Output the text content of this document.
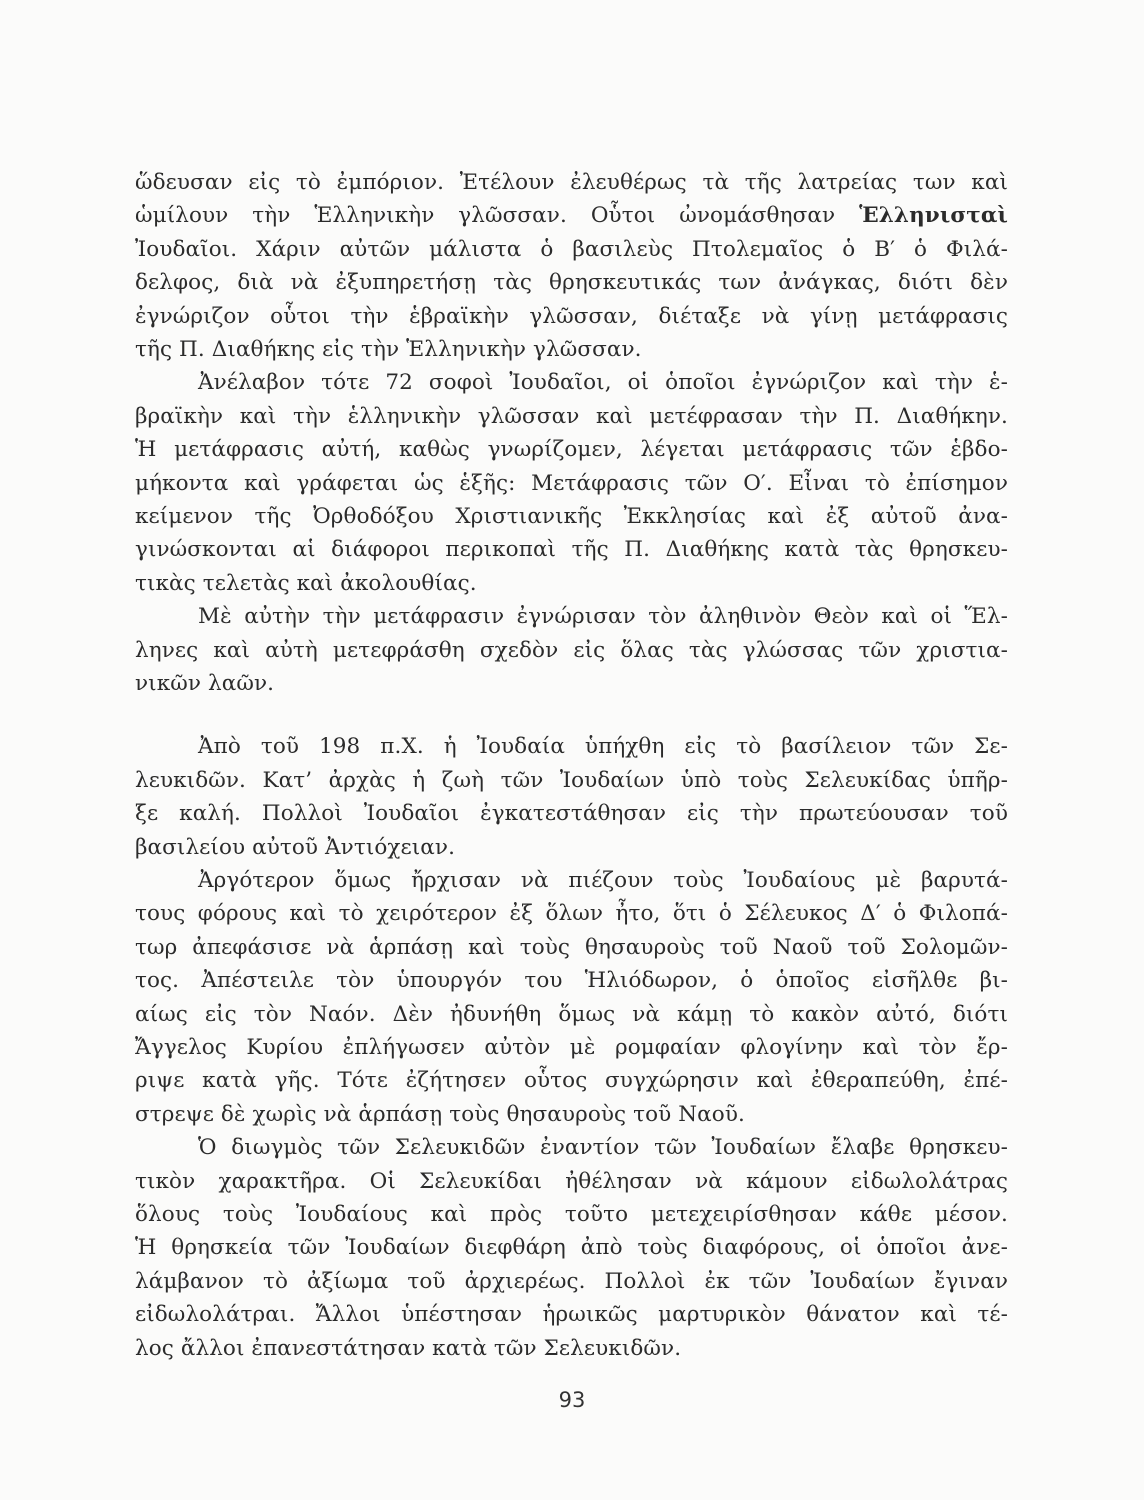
ὥδευσαν εἰς τὸ ἐμπόριον. Ἐτέλουν ἐλευθέρως τὰ τῆς λατρείας των καὶ
ὡμίλουν τὴν Ἑλληνικὴν γλῶσσαν. Οὗτοι ὠνομάσθησαν Ἑλληνισταὶ
Ἰουδαῖοι. Χάριν αὐτῶν μάλιστα ὁ βασιλεὺς Πτολεμαῖος ὁ Β′ ὁ Φιλά-
δελφος, διὰ νὰ ἐξυπηρετήσῃ τὰς θρησκευτικάς των ἀνάγκας, διότι δὲν
ἐγνώριζον οὗτοι τὴν ἑβραϊκὴν γλῶσσαν, διέταξε νὰ γίνῃ μετάφρασις
τῆς Π. Διαθήκης εἰς τὴν Ἑλληνικὴν γλῶσσαν.
Ἀνέλαβον τότε 72 σοφοὶ Ἰουδαῖοι, οἱ ὁποῖοι ἐγνώριζον καὶ τὴν ἑ-
βραϊκὴν καὶ τὴν ἑλληνικὴν γλῶσσαν καὶ μετέφρασαν τὴν Π. Διαθήκην.
Ἡ μετάφρασις αὐτή, καθὼς γνωρίζομεν, λέγεται μετάφρασις τῶν ἑβδο-
μήκοντα καὶ γράφεται ὡς ἑξῆς: Μετάφρασις τῶν Ο′. Εἶναι τὸ ἐπίσημον
κείμενον τῆς Ὀρθοδόξου Χριστιανικῆς Ἐκκλησίας καὶ ἐξ αὐτοῦ ἀνα-
γινώσκονται αἱ διάφοροι περικοπαὶ τῆς Π. Διαθήκης κατὰ τὰς θρησκευ-
τικὰς τελετὰς καὶ ἀκολουθίας.
Μὲ αὐτὴν τὴν μετάφρασιν ἐγνώρισαν τὸν ἀληθινὸν Θεὸν καὶ οἱ Ἕλ-
ληνες καὶ αὐτὴ μετεφράσθη σχεδὸν εἰς ὅλας τὰς γλώσσας τῶν χριστια-
νικῶν λαῶν.
Ἀπὸ τοῦ 198 π.Χ. ἡ Ἰουδαία ὑπήχθη εἰς τὸ βασίλειον τῶν Σε-
λευκιδῶν. Κατ’ ἀρχὰς ἡ ζωὴ τῶν Ἰουδαίων ὑπὸ τοὺς Σελευκίδας ὑπῆρ-
ξε καλή. Πολλοὶ Ἰουδαῖοι ἐγκατεστάθησαν εἰς τὴν πρωτεύουσαν τοῦ
βασιλείου αὐτοῦ Ἀντιόχειαν.
Ἀργότερον ὅμως ἤρχισαν νὰ πιέζουν τοὺς Ἰουδαίους μὲ βαρυτά-
τους φόρους καὶ τὸ χειρότερον ἐξ ὅλων ἦτο, ὅτι ὁ Σέλευκος Δ′ ὁ Φιλοπά-
τωρ ἀπεφάσισε νὰ ἁρπάσῃ καὶ τοὺς θησαυροὺς τοῦ Ναοῦ τοῦ Σολομῶν-
τος. Ἀπέστειλε τὸν ὑπουργόν του Ἡλιόδωρον, ὁ ὁποῖος εἰσῆλθε βι-
αίως εἰς τὸν Ναόν. Δὲν ἠδυνήθη ὅμως νὰ κάμῃ τὸ κακὸν αὐτό, διότι
Ἄγγελος Κυρίου ἐπλήγωσεν αὐτὸν μὲ ρομφαίαν φλογίνην καὶ τὸν ἔρ-
ριψε κατὰ γῆς. Τότε ἐζήτησεν οὗτος συγχώρησιν καὶ ἐθεραπεύθη, ἐπέ-
στρεψε δὲ χωρὶς νὰ ἁρπάσῃ τοὺς θησαυροὺς τοῦ Ναοῦ.
Ὁ διωγμὸς τῶν Σελευκιδῶν ἐναντίον τῶν Ἰουδαίων ἔλαβε θρησκευ-
τικὸν χαρακτῆρα. Οἱ Σελευκίδαι ἠθέλησαν νὰ κάμουν εἰδωλολάτρας
ὅλους τοὺς Ἰουδαίους καὶ πρὸς τοῦτο μετεχειρίσθησαν κάθε μέσον.
Ἡ θρησκεία τῶν Ἰουδαίων διεφθάρη ἀπὸ τοὺς διαφόρους, οἱ ὁποῖοι ἀνε-
λάμβανον τὸ ἀξίωμα τοῦ ἀρχιερέως. Πολλοὶ ἐκ τῶν Ἰουδαίων ἔγιναν
εἰδωλολάτραι. Ἄλλοι ὑπέστησαν ἡρωικῶς μαρτυρικὸν θάνατον καὶ τέ-
λος ἄλλοι ἐπανεστάτησαν κατὰ τῶν Σελευκιδῶν.
93
